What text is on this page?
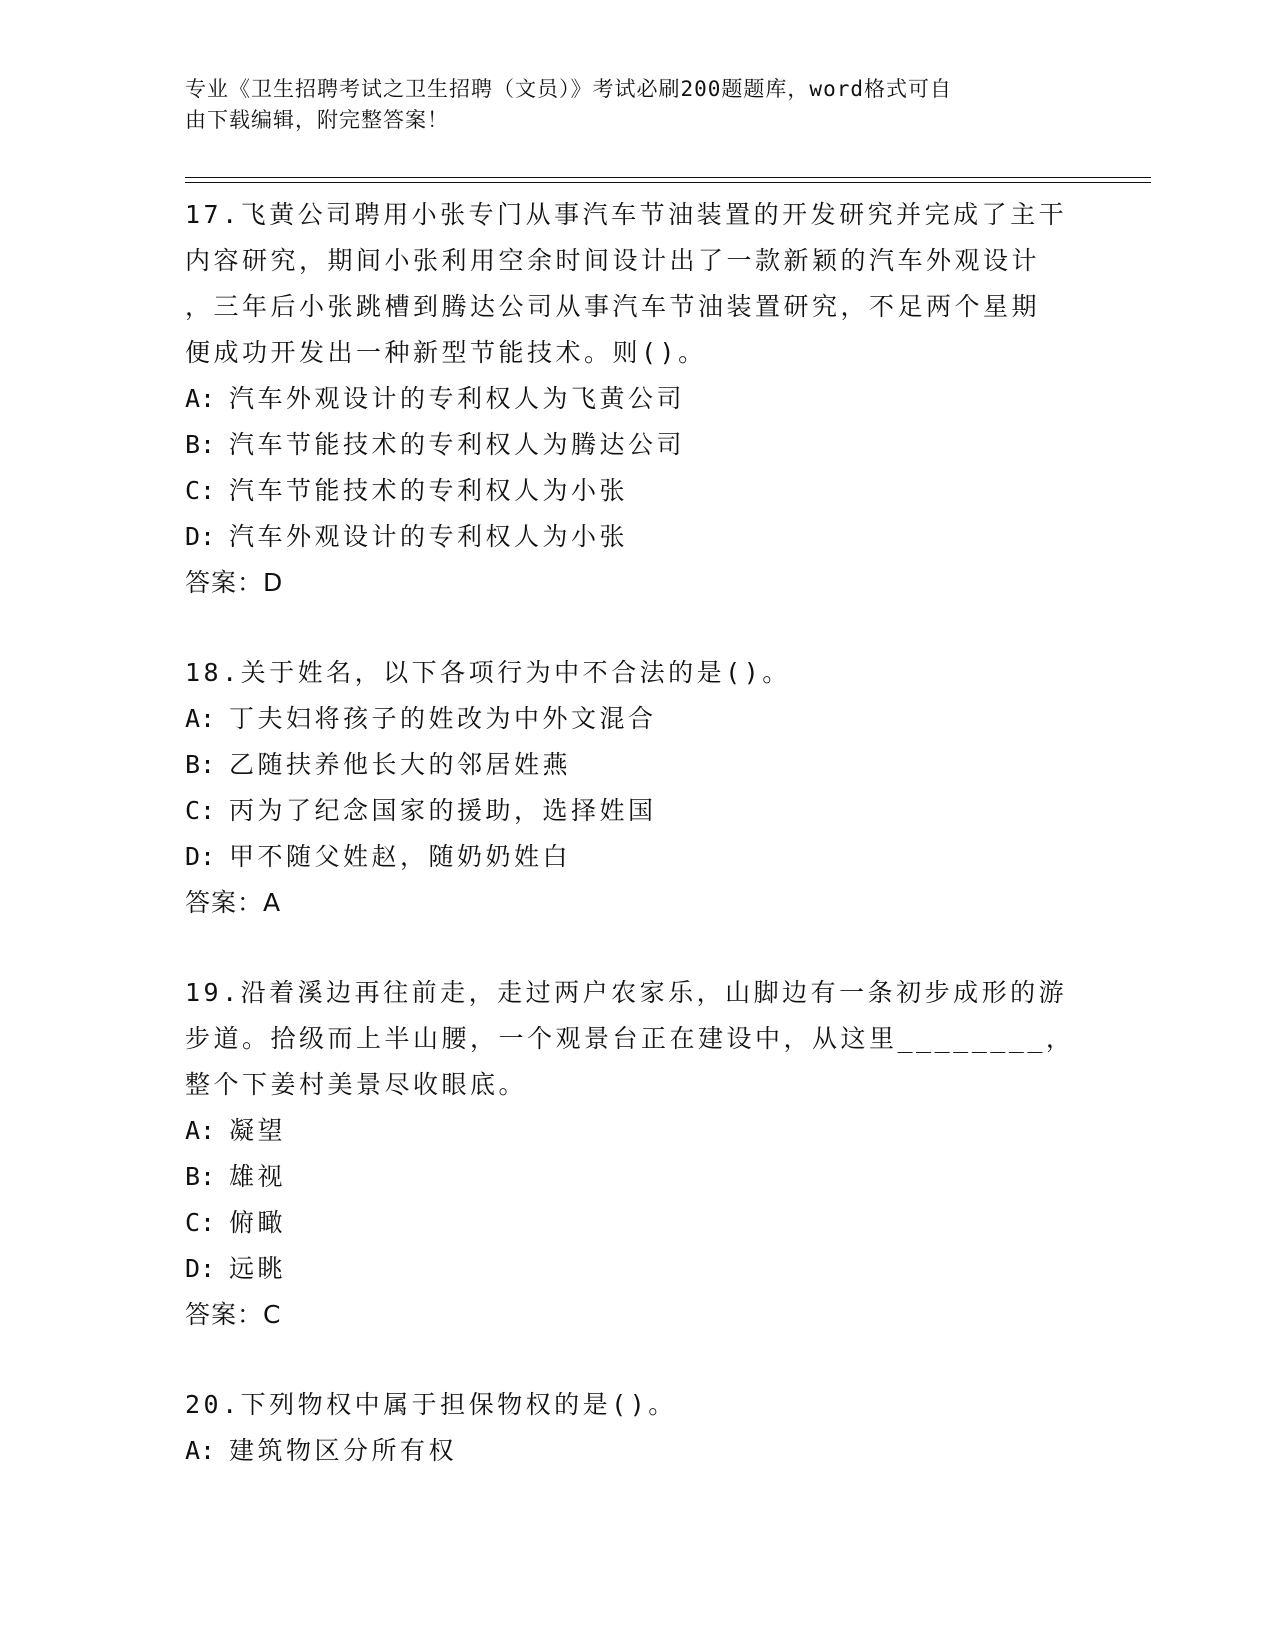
专业《卫生招聘考试之卫生招聘（文员）》考试必刷200题题库，word格式可自
由下载编辑，附完整答案！
17.飞黄公司聘用小张专门从事汽车节油装置的开发研究并完成了主干
内容研究，期间小张利用空余时间设计出了一款新颖的汽车外观设计
，三年后小张跳槽到腾达公司从事汽车节油装置研究，不足两个星期
便成功开发出一种新型节能技术。则()。
A: 汽车外观设计的专利权人为飞黄公司
B: 汽车节能技术的专利权人为腾达公司
C: 汽车节能技术的专利权人为小张
D: 汽车外观设计的专利权人为小张
答案：D
18.关于姓名，以下各项行为中不合法的是()。
A: 丁夫妇将孩子的姓改为中外文混合
B: 乙随扶养他长大的邻居姓燕
C: 丙为了纪念国家的援助，选择姓国
D: 甲不随父姓赵，随奶奶姓白
答案：A
19.沿着溪边再往前走，走过两户农家乐，山脚边有一条初步成形的游
步道。拾级而上半山腰，一个观景台正在建设中，从这里________，
整个下姜村美景尽收眼底。
A: 凝望
B: 雄视
C: 俯瞰
D: 远眺
答案：C
20.下列物权中属于担保物权的是()。
A: 建筑物区分所有权
